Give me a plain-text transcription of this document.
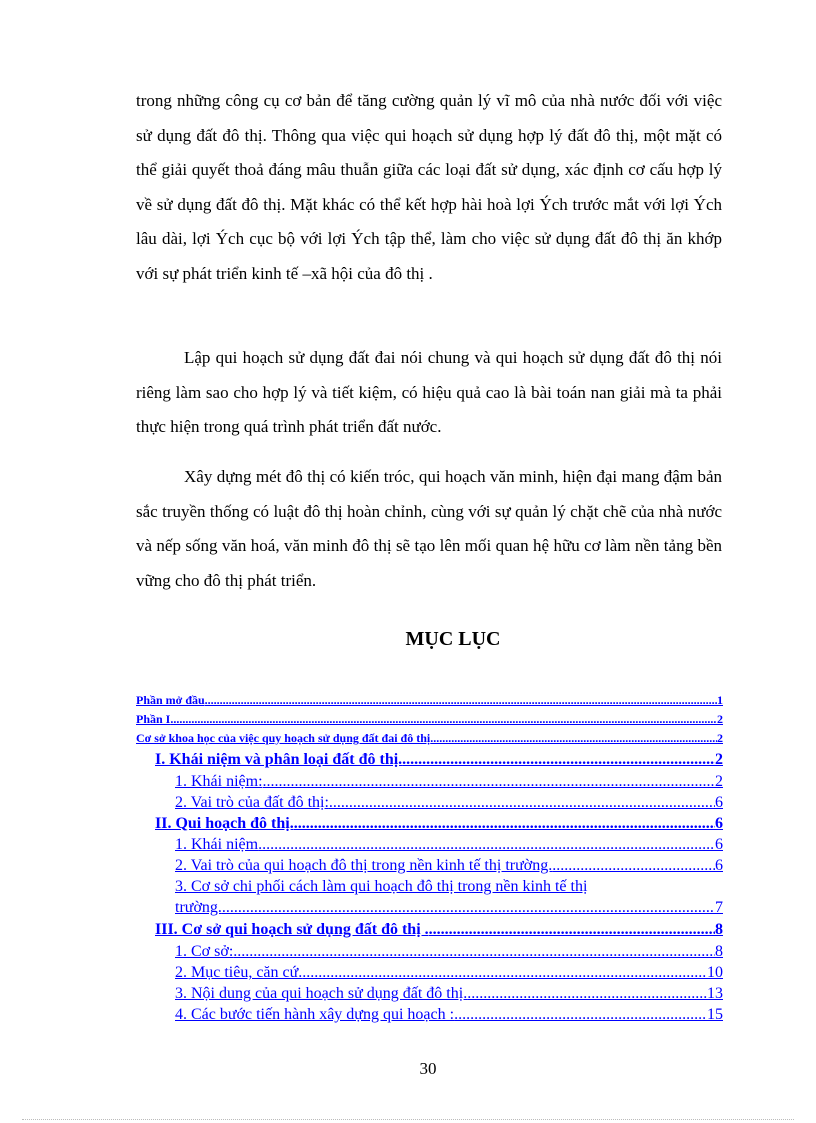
trong những công cụ cơ bản để tăng cường quản lý vĩ mô của nhà nước đối với việc sử dụng đất đô thị. Thông qua việc qui hoạch sử dụng hợp lý đất đô thị, một mặt có thể giải quyết thoả đáng mâu thuẫn giữa các loại đất sử dụng, xác định cơ cấu hợp lý về sử dụng đất đô thị. Mặt khác có thể kết hợp hài hoà lợi Ých trước mắt với lợi Ých lâu dài, lợi Ých cục bộ với lợi Ých tập thể, làm cho việc sử dụng đất đô thị ăn khớp với sự phát triển kinh tế –xã hội của đô thị .
Lập qui hoạch sử dụng đất đai nói chung và qui hoạch sử dụng đất đô thị nói riêng làm sao cho hợp lý và tiết kiệm, có hiệu quả cao là bài toán nan giải mà ta phải thực hiện trong quá trình phát triển đất nước.
Xây dựng mét đô thị có kiến tróc, qui hoạch văn minh, hiện đại mang đậm bản sắc truyền thống có luật đô thị hoàn chỉnh, cùng với sự quản lý chặt chẽ của nhà nước và nếp sống văn hoá, văn minh đô thị sẽ tạo lên mối quan hệ hữu cơ làm nền tảng bền vững cho đô thị phát triển.
MỤC LỤC
Phần mở đầu .....	1
Phần I .....	2
Cơ sở khoa học của việc quy hoạch sử dụng đất đai đô thị .....	2
I. Khái niệm và phân loại đất đô thị. .....	2
1. Khái niệm: .....	2
2. Vai trò của đất đô thị: .....	6
II. Qui hoạch đô thị. .....	6
1. Khái niệm .....	6
2. Vai trò của qui hoạch đô thị trong nền kinh tế thị trường. .....	6
3. Cơ sở chi phối cách làm qui hoạch đô thị trong nền kinh tế thị
trường. .....	7
III. Cơ sở qui hoạch sử dụng đất đô thị . .....	8
1. Cơ sở: .....	8
2. Mục tiêu, căn cứ. .....	10
3. Nội dung của qui hoạch sử dụng đất đô thị. .....	13
4. Các bước tiến hành xây dựng qui hoạch : .....	15
30
